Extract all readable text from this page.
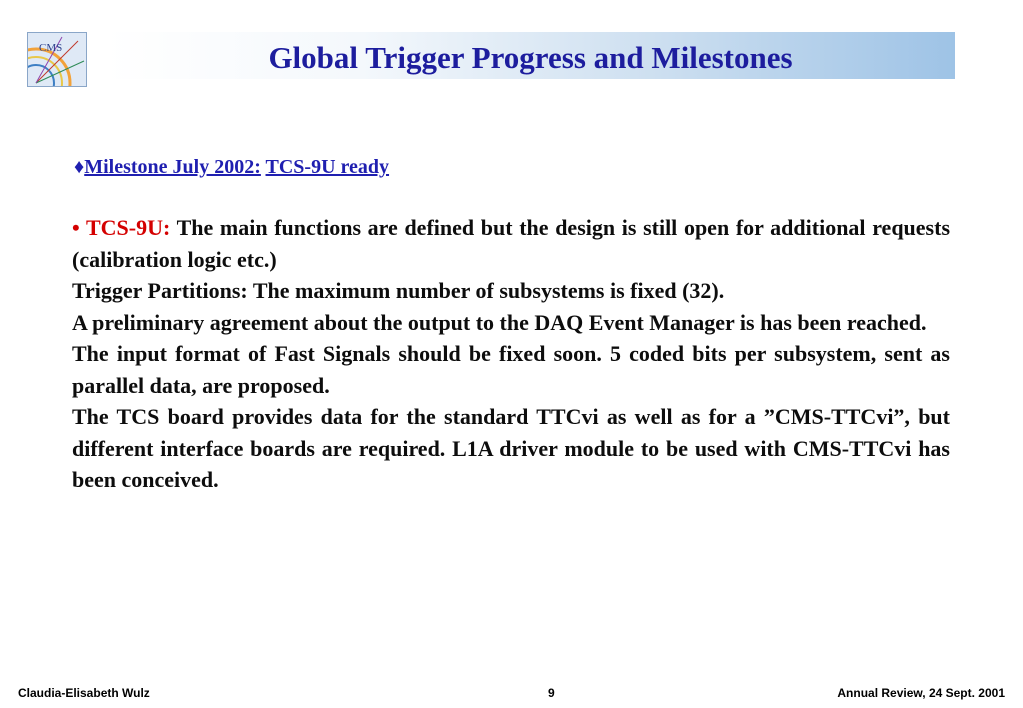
CMS	Global Trigger Progress and Milestones
♦Milestone July 2002: TCS-9U ready

• TCS-9U: The main functions are defined but the design is still open for additional requests (calibration logic etc.)

Trigger Partitions: The maximum number of subsystems is fixed (32).

A preliminary agreement about the output to the DAQ Event Manager is has been reached.

The input format of Fast Signals should be fixed soon. 5 coded bits per subsystem, sent as parallel data, are proposed.

The TCS board provides data for the standard TTCvi as well as for a ”CMS-TTCvi”, but different interface boards are required. L1A driver module to be used with CMS-TTCvi has been conceived.

Claudia-Elisabeth Wulz	9	Annual Review, 24 Sept. 2001
